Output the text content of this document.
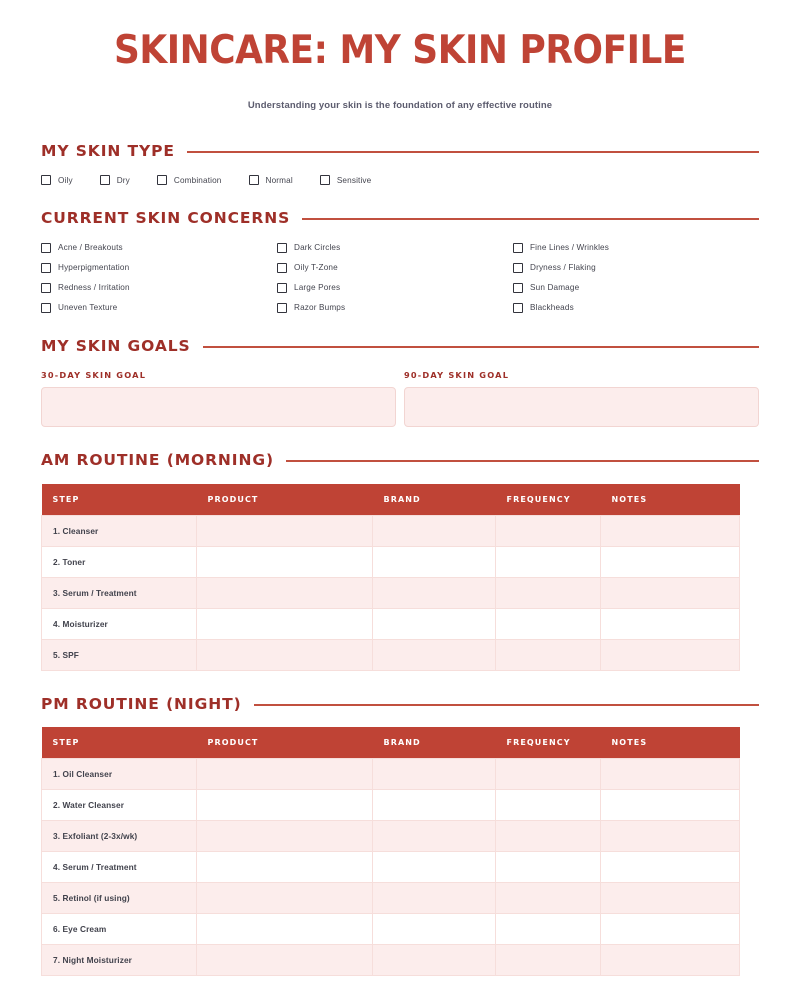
SKINCARE: MY SKIN PROFILE
Understanding your skin is the foundation of any effective routine
MY SKIN TYPE
Oily	Dry	Combination	Normal	Sensitive
CURRENT SKIN CONCERNS
Acne / Breakouts	Dark Circles	Fine Lines / Wrinkles
Hyperpigmentation	Oily T-Zone	Dryness / Flaking
Redness / Irritation	Large Pores	Sun Damage
Uneven Texture	Razor Bumps	Blackheads
MY SKIN GOALS
30-DAY SKIN GOAL	90-DAY SKIN GOAL
AM ROUTINE (MORNING)
STEP	PRODUCT	BRAND	FREQUENCY	NOTES
1. Cleanser				
2. Toner				
3. Serum / Treatment				
4. Moisturizer				
5. SPF				
PM ROUTINE (NIGHT)
STEP	PRODUCT	BRAND	FREQUENCY	NOTES
1. Oil Cleanser				
2. Water Cleanser				
3. Exfoliant (2-3x/wk)				
4. Serum / Treatment				
5. Retinol (if using)				
6. Eye Cream				
7. Night Moisturizer				
